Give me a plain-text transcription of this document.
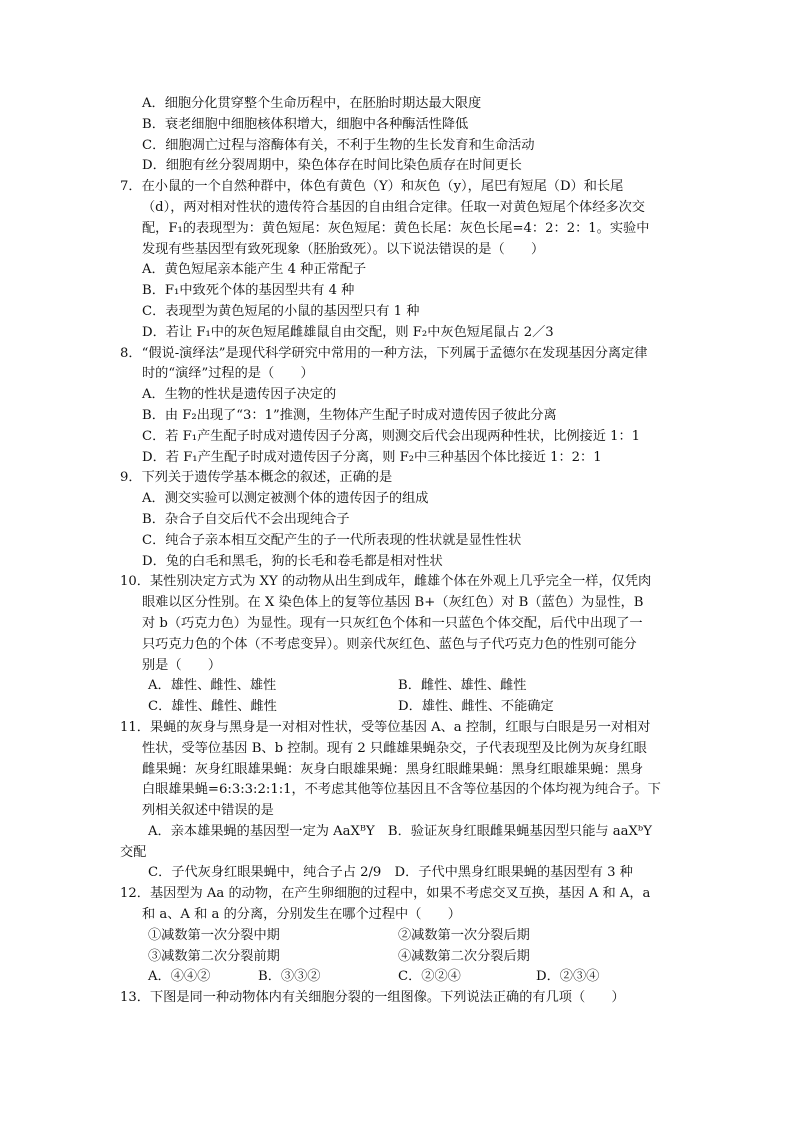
A．细胞分化贯穿整个生命历程中，在胚胎时期达最大限度
B．衰老细胞中细胞核体积增大，细胞中各种酶活性降低
C．细胞凋亡过程与溶酶体有关，不利于生物的生长发育和生命活动
D．细胞有丝分裂周期中，染色体存在时间比染色质存在时间更长
7．在小鼠的一个自然种群中，体色有黄色（Y）和灰色（y），尾巴有短尾（D）和长尾
（d），两对相对性状的遗传符合基因的自由组合定律。任取一对黄色短尾个体经多次交
配，F₁的表现型为：黄色短尾：灰色短尾：黄色长尾：灰色长尾=4：2：2：1。实验中
发现有些基因型有致死现象（胚胎致死）。以下说法错误的是（　　）
A．黄色短尾亲本能产生 4 种正常配子
B．F₁中致死个体的基因型共有 4 种
C．表现型为黄色短尾的小鼠的基因型只有 1 种
D．若让 F₁中的灰色短尾雌雄鼠自由交配，则 F₂中灰色短尾鼠占 2／3
8．“假说-演绎法”是现代科学研究中常用的一种方法，下列属于孟德尔在发现基因分离定律
时的“演绎”过程的是（　　）
A．生物的性状是遗传因子决定的
B．由 F₂出现了“3：1”推测，生物体产生配子时成对遗传因子彼此分离
C．若 F₁产生配子时成对遗传因子分离，则测交后代会出现两种性状，比例接近 1：1
D．若 F₁产生配子时成对遗传因子分离，则 F₂中三种基因个体比接近 1：2：1
9．下列关于遗传学基本概念的叙述，正确的是
A．测交实验可以测定被测个体的遗传因子的组成
B．杂合子自交后代不会出现纯合子
C．纯合子亲本相互交配产生的子一代所表现的性状就是显性性状
D．兔的白毛和黑毛，狗的长毛和卷毛都是相对性状
10．某性别决定方式为 XY 的动物从出生到成年，雌雄个体在外观上几乎完全一样，仅凭肉
眼难以区分性别。在 X 染色体上的复等位基因 B+（灰红色）对 B（蓝色）为显性，B
对 b（巧克力色）为显性。现有一只灰红色个体和一只蓝色个体交配，后代中出现了一
只巧克力色的个体（不考虑变异）。则亲代灰红色、蓝色与子代巧克力色的性别可能分
别是（　　）
A．雄性、雌性、雄性	B．雌性、雄性、雌性
C．雄性、雌性、雌性	D．雄性、雌性、不能确定
11．果蝇的灰身与黑身是一对相对性状，受等位基因 A、a 控制，红眼与白眼是另一对相对
性状，受等位基因 B、b 控制。现有 2 只雌雄果蝇杂交，子代表现型及比例为灰身红眼
雌果蝇：灰身红眼雄果蝇：灰身白眼雄果蝇：黑身红眼雌果蝇：黑身红眼雄果蝇：黑身
白眼雄果蝇=6:3:3:2:1:1，不考虑其他等位基因且不含等位基因的个体均视为纯合子。下
列相关叙述中错误的是
A．亲本雄果蝇的基因型一定为 AaXᴮY　B．验证灰身红眼雌果蝇基因型只能与 aaXᵇY
交配
C．子代灰身红眼果蝇中，纯合子占 2/9　D．子代中黑身红眼果蝇的基因型有 3 种
12．基因型为 Aa 的动物，在产生卵细胞的过程中，如果不考虑交叉互换，基因 A 和 A，a
和 a、A 和 a 的分离，分别发生在哪个过程中（　　）
①减数第一次分裂中期	②减数第一次分裂后期
③减数第二次分裂前期	④减数第二次分裂后期
A．④④②	B．③③②	C．②②④	D．②③④
13．下图是同一种动物体内有关细胞分裂的一组图像。下列说法正确的有几项（　　）
